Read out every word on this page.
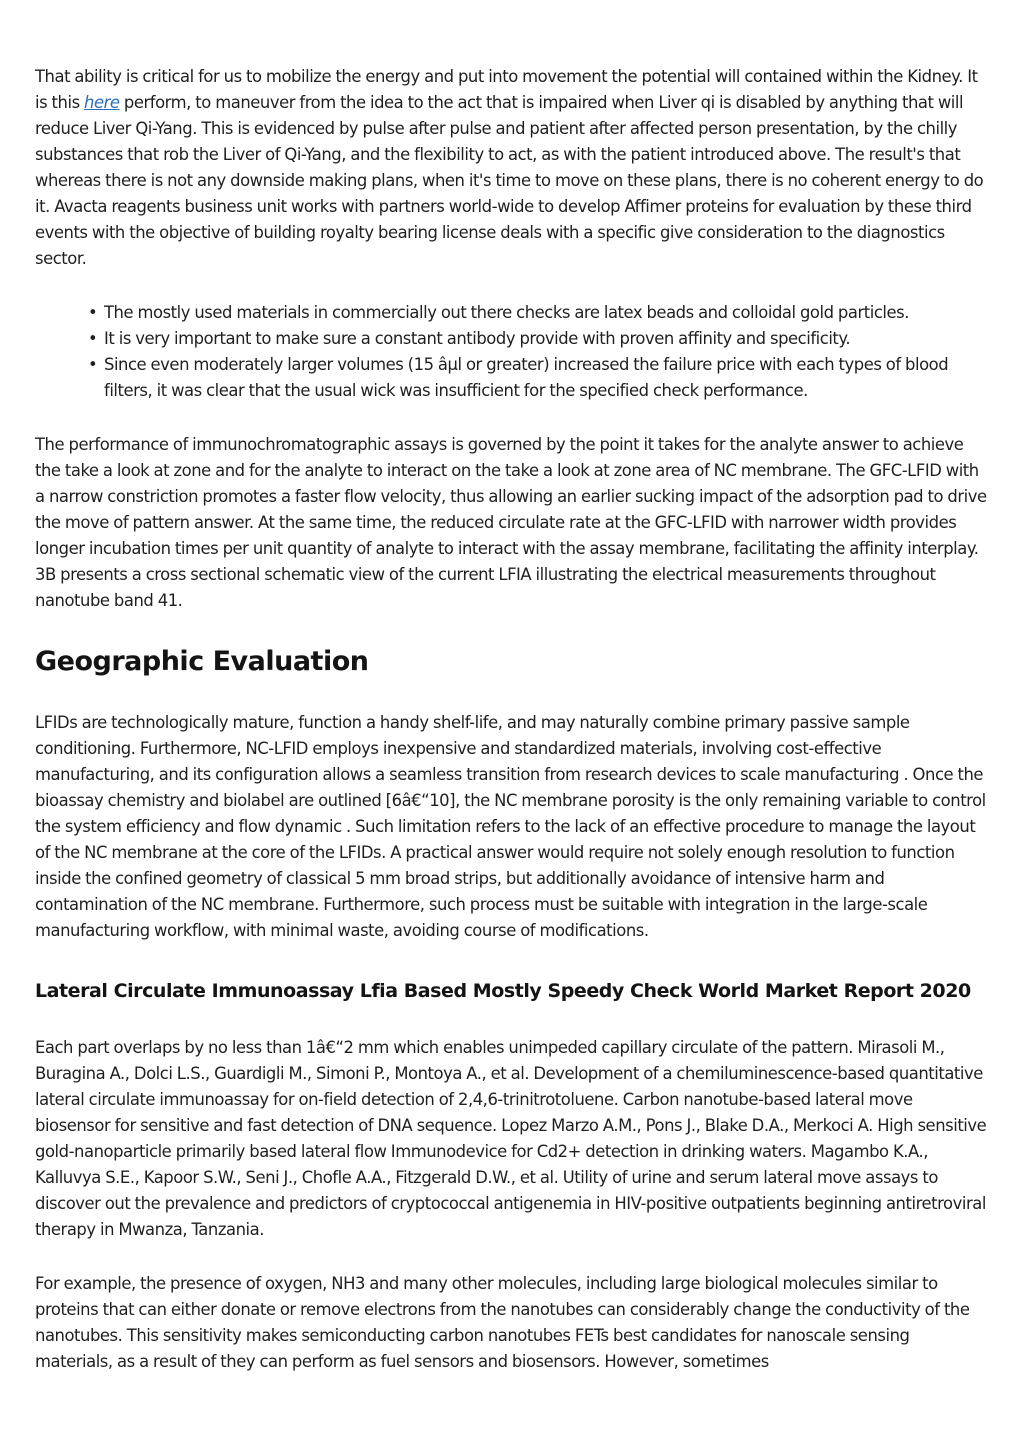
That ability is critical for us to mobilize the energy and put into movement the potential will contained within the Kidney. It is this here perform, to maneuver from the idea to the act that is impaired when Liver qi is disabled by anything that will reduce Liver Qi-Yang. This is evidenced by pulse after pulse and patient after affected person presentation, by the chilly substances that rob the Liver of Qi-Yang, and the flexibility to act, as with the patient introduced above. The result's that whereas there is not any downside making plans, when it's time to move on these plans, there is no coherent energy to do it. Avacta reagents business unit works with partners world-wide to develop Affimer proteins for evaluation by these third events with the objective of building royalty bearing license deals with a specific give consideration to the diagnostics sector.

• The mostly used materials in commercially out there checks are latex beads and colloidal gold particles.
• It is very important to make sure a constant antibody provide with proven affinity and specificity.
• Since even moderately larger volumes (15 âµl or greater) increased the failure price with each types of blood filters, it was clear that the usual wick was insufficient for the specified check performance.

The performance of immunochromatographic assays is governed by the point it takes for the analyte answer to achieve the take a look at zone and for the analyte to interact on the take a look at zone area of NC membrane. The GFC-LFID with a narrow constriction promotes a faster flow velocity, thus allowing an earlier sucking impact of the adsorption pad to drive the move of pattern answer. At the same time, the reduced circulate rate at the GFC-LFID with narrower width provides longer incubation times per unit quantity of analyte to interact with the assay membrane, facilitating the affinity interplay. 3B presents a cross sectional schematic view of the current LFIA illustrating the electrical measurements throughout nanotube band 41.

Geographic Evaluation

LFIDs are technologically mature, function a handy shelf-life, and may naturally combine primary passive sample conditioning. Furthermore, NC-LFID employs inexpensive and standardized materials, involving cost-effective manufacturing, and its configuration allows a seamless transition from research devices to scale manufacturing . Once the bioassay chemistry and biolabel are outlined [6â€“10], the NC membrane porosity is the only remaining variable to control the system efficiency and flow dynamic . Such limitation refers to the lack of an effective procedure to manage the layout of the NC membrane at the core of the LFIDs. A practical answer would require not solely enough resolution to function inside the confined geometry of classical 5 mm broad strips, but additionally avoidance of intensive harm and contamination of the NC membrane. Furthermore, such process must be suitable with integration in the large-scale manufacturing workflow, with minimal waste, avoiding course of modifications.

Lateral Circulate Immunoassay Lfia Based Mostly Speedy Check World Market Report 2020

Each part overlaps by no less than 1â€“2 mm which enables unimpeded capillary circulate of the pattern. Mirasoli M., Buragina A., Dolci L.S., Guardigli M., Simoni P., Montoya A., et al. Development of a chemiluminescence-based quantitative lateral circulate immunoassay for on-field detection of 2,4,6-trinitrotoluene. Carbon nanotube-based lateral move biosensor for sensitive and fast detection of DNA sequence. Lopez Marzo A.M., Pons J., Blake D.A., Merkoci A. High sensitive gold-nanoparticle primarily based lateral flow Immunodevice for Cd2+ detection in drinking waters. Magambo K.A., Kalluvya S.E., Kapoor S.W., Seni J., Chofle A.A., Fitzgerald D.W., et al. Utility of urine and serum lateral move assays to discover out the prevalence and predictors of cryptococcal antigenemia in HIV-positive outpatients beginning antiretroviral therapy in Mwanza, Tanzania.

For example, the presence of oxygen, NH3 and many other molecules, including large biological molecules similar to proteins that can either donate or remove electrons from the nanotubes can considerably change the conductivity of the nanotubes. This sensitivity makes semiconducting carbon nanotubes FETs best candidates for nanoscale sensing materials, as a result of they can perform as fuel sensors and biosensors. However, sometimes
